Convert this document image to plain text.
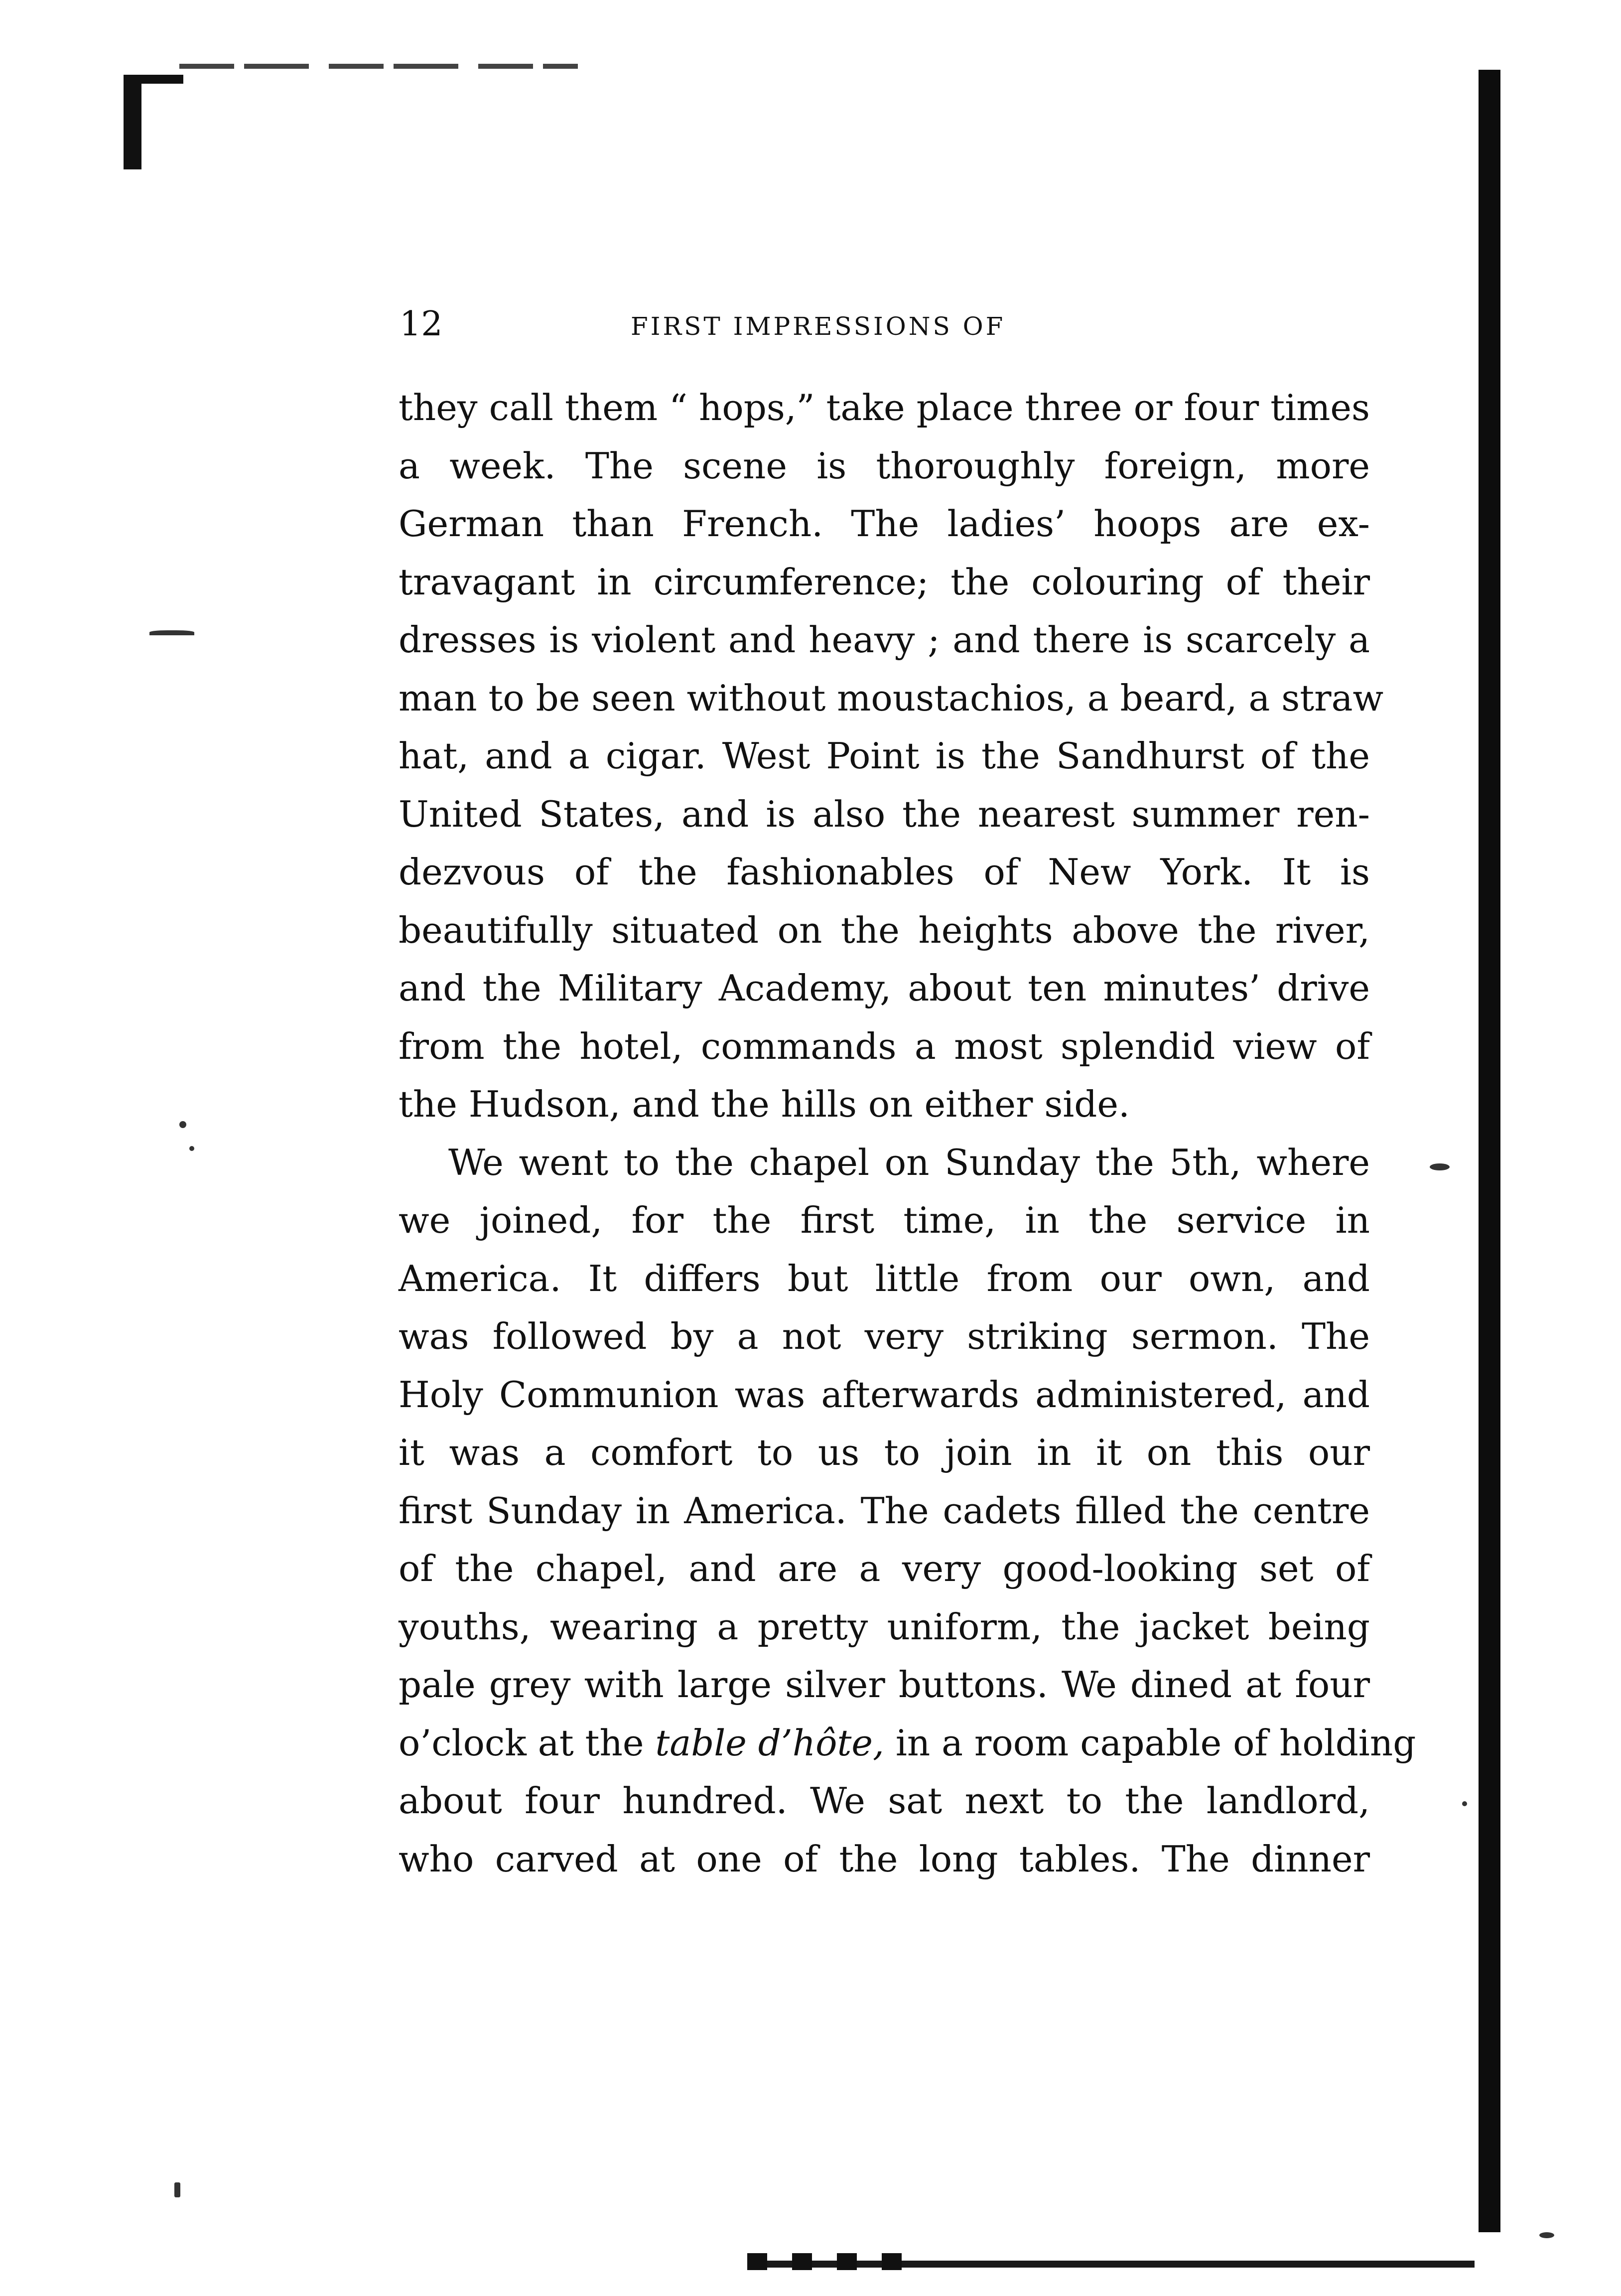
12	FIRST IMPRESSIONS OF

they call them “ hops,” take place three or four times
a week. The scene is thoroughly foreign, more
German than French. The ladies’ hoops are ex-
travagant in circumference; the colouring of their
dresses is violent and heavy ; and there is scarcely a
man to be seen without moustachios, a beard, a straw
hat, and a cigar. West Point is the Sandhurst of the
United States, and is also the nearest summer ren-
dezvous of the fashionables of New York. It is
beautifully situated on the heights above the river,
and the Military Academy, about ten minutes’ drive
from the hotel, commands a most splendid view of
the Hudson, and the hills on either side.

We went to the chapel on Sunday the 5th, where
we joined, for the first time, in the service in
America. It differs but little from our own, and
was followed by a not very striking sermon. The
Holy Communion was afterwards administered, and
it was a comfort to us to join in it on this our
first Sunday in America. The cadets filled the centre
of the chapel, and are a very good-looking set of
youths, wearing a pretty uniform, the jacket being
pale grey with large silver buttons. We dined at four
o’clock at the table d’hôte, in a room capable of holding
about four hundred. We sat next to the landlord,
who carved at one of the long tables. The dinner
